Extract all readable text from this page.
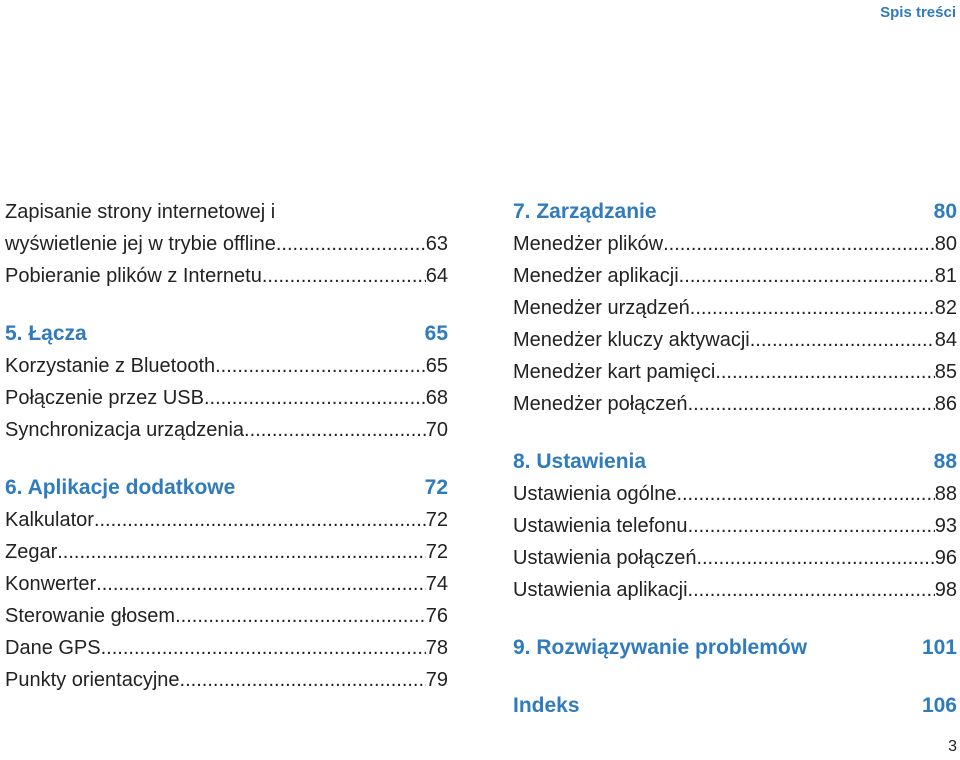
Spis treści
Zapisanie strony internetowej i
wyświetlenie jej w trybie offline .....	63
Pobieranie plików z Internetu .....	64
5. Łącza	65
Korzystanie z Bluetooth .....	65
Połączenie przez USB .....	68
Synchronizacja urządzenia .....	70
6. Aplikacje dodatkowe	72
Kalkulator .....	72
Zegar .....	72
Konwerter .....	74
Sterowanie głosem .....	76
Dane GPS .....	78
Punkty orientacyjne .....	79
7. Zarządzanie	80
Menedżer plików .....	80
Menedżer aplikacji .....	81
Menedżer urządzeń .....	82
Menedżer kluczy aktywacji .....	84
Menedżer kart pamięci .....	85
Menedżer połączeń .....	86
8. Ustawienia	88
Ustawienia ogólne .....	88
Ustawienia telefonu .....	93
Ustawienia połączeń .....	96
Ustawienia aplikacji .....	98
9. Rozwiązywanie problemów	101
Indeks	106
3
